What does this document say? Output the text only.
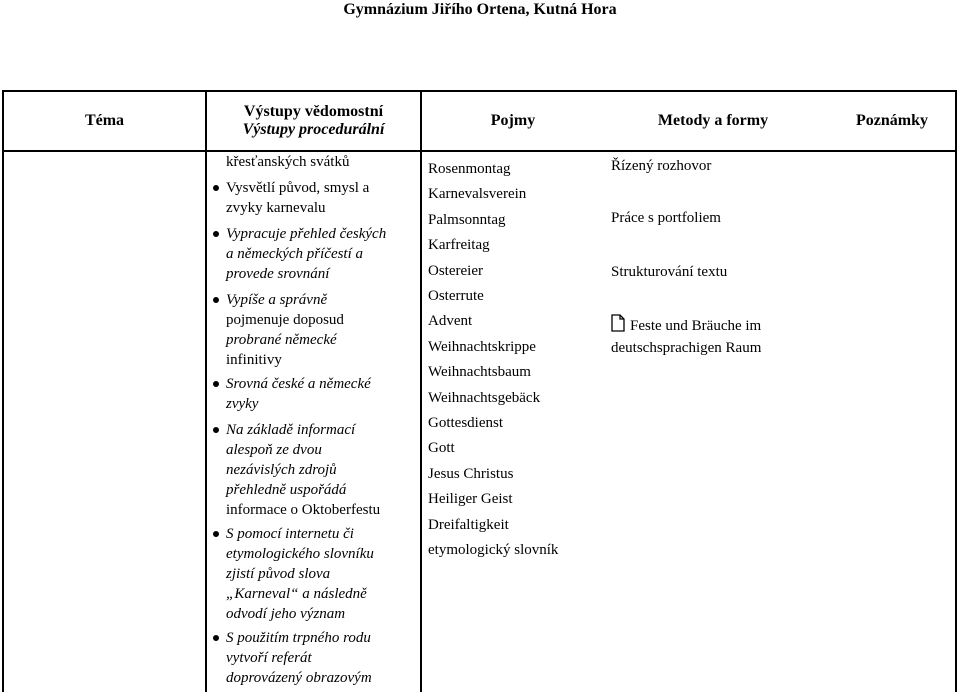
Gymnázium Jiřího Ortena, Kutná Hora
Téma
Výstupy vědomostní
Výstupy procedurální
Pojmy	Metody a formy	Poznámky
křesťanských svátků
Vysvětlí původ, smysl a
zvyky karnevalu
Vypracuje přehled českých
a německých příčestí a
provede srovnání
Vypíše a správně
pojmenuje doposud
probrané německé
infinitivy
Srovná české a německé
zvyky
Na základě informací
alespoň ze dvou
nezávislých zdrojů
přehledně uspořádá
informace o Oktoberfestu
S pomocí internetu či
etymologického slovníku
zjistí původ slova
„Karneval“ a následně
odvodí jeho význam
S použitím trpného rodu
vytvoří referát
doprovázený obrazovým
Rosenmontag
Karnevalsverein
Palmsonntag
Karfreitag
Ostereier
Osterrute
Advent
Weihnachtskrippe
Weihnachtsbaum
Weihnachtsgebäck
Gottesdienst
Gott
Jesus Christus
Heiliger Geist
Dreifaltigkeit
etymologický slovník
Řízený rozhovor
Práce s portfoliem
Strukturování textu
Feste und Bräuche im
deutschsprachigen Raum
